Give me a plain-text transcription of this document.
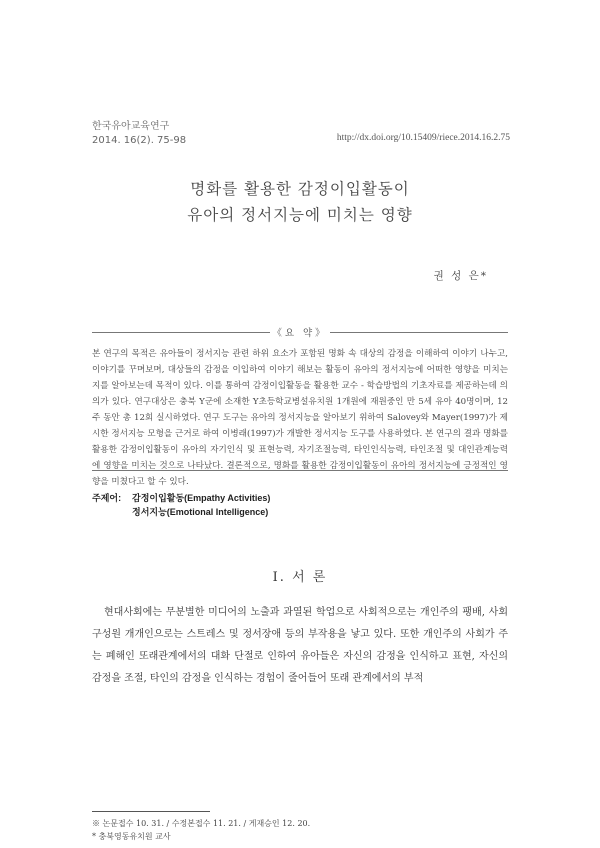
한국유아교육연구
2014. 16(2). 75-98	http://dx.doi.org/10.15409/riece.2014.16.2.75
명화를 활용한 감정이입활동이
유아의 정서지능에 미치는 영향
권 성 은*
《요 약》
본 연구의 목적은 유아들이 정서지능 관련 하위 요소가 포함된 명화 속 대상의 감정을 이해하여 이야기 나누고, 이야기를 꾸며보며, 대상들의 감정을 이입하여 이야기 해보는 활동이 유아의 정서지능에 어떠한 영향을 미치는지를 알아보는데 목적이 있다. 이를 통하여 감정이입활동을 활용한 교수 - 학습방법의 기초자료를 제공하는데 의의가 있다. 연구대상은 충북 Y군에 소재한 Y초등학교병설유치원 1개원에 재원중인 만 5세 유아 40명이며, 12주 동안 총 12회 실시하였다. 연구 도구는 유아의 정서지능을 알아보기 위하여 Salovey와 Mayer(1997)가 제시한 정서지능 모형을 근거로 하여 이병래(1997)가 개발한 정서지능 도구를 사용하였다. 본 연구의 결과 명화를 활용한 감정이입활동이 유아의 자기인식 및 표현능력, 자기조절능력, 타인인식능력, 타인조절 및 대인관계능력에 영향을 미치는 것으로 나타났다. 결론적으로, 명화를 활용한 감정이입활동이 유아의 정서지능에 긍정적인 영향을 미쳤다고 할 수 있다.
주제어: 감정이입활동(Empathy Activities)
정서지능(Emotional Intelligence)
I. 서 론

현대사회에는 무분별한 미디어의 노출과 과열된 학업으로 사회적으로는 개인주의 팽배, 사회 구성원 개개인으로는 스트레스 및 정서장애 등의 부작용을 낳고 있다. 또한 개인주의 사회가 주는 폐해인 또래관계에서의 대화 단절로 인하여 유아들은 자신의 감정을 인식하고 표현, 자신의 감정을 조절, 타인의 감정을 인식하는 경험이 줄어들어 또래 관계에서의 부적

※ 논문접수 10. 31. / 수정본접수 11. 21. / 게재승인 12. 20.
* 충북영동유치원 교사
